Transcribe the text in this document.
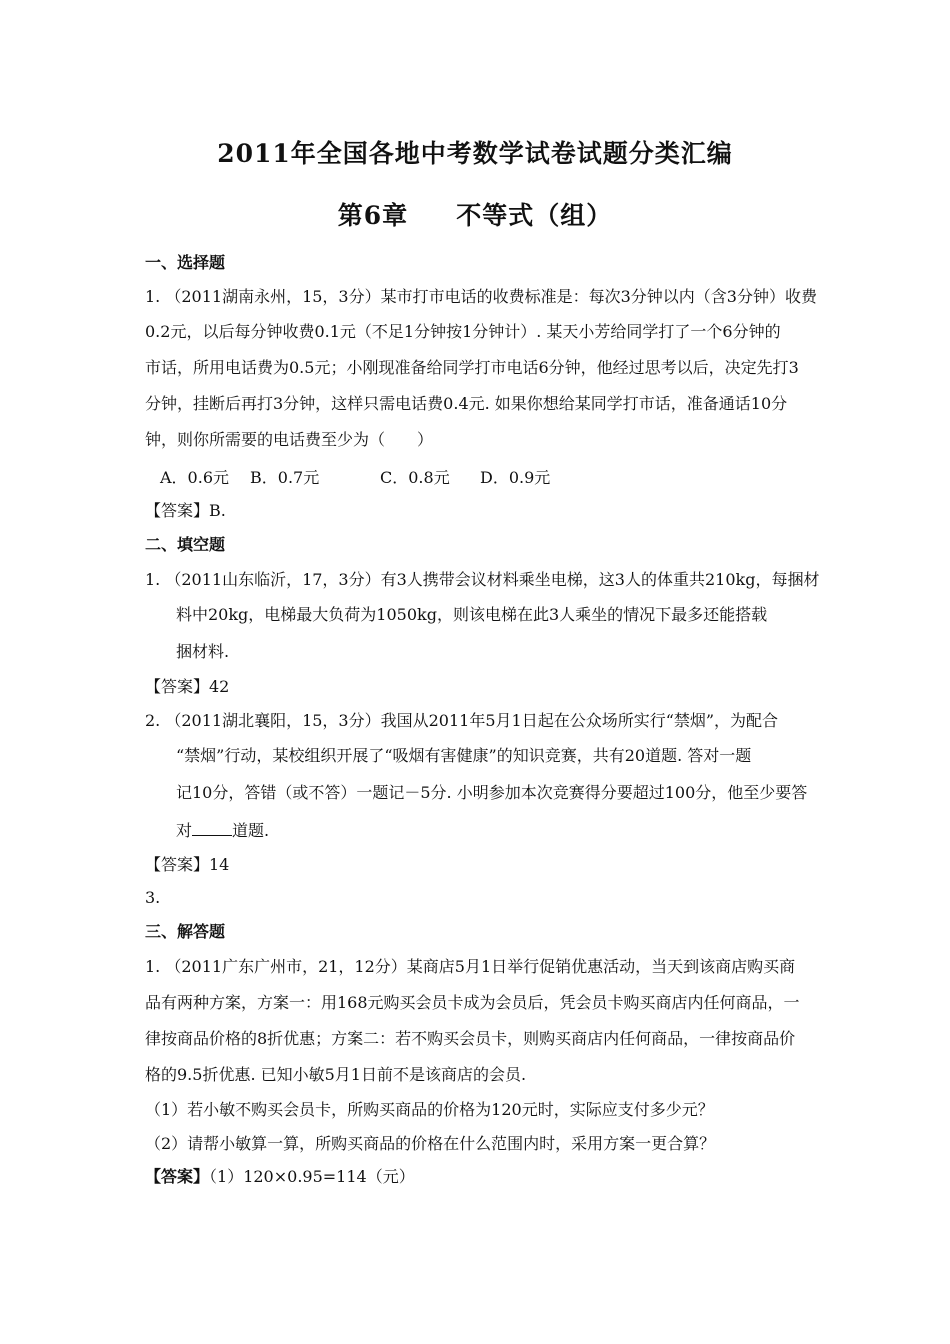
2011年全国各地中考数学试卷试题分类汇编
第6章 不等式（组）
一、选择题
1. （2011湖南永州，15，3分）某市打市电话的收费标准是：每次3分钟以内（含3分钟）收费
0.2元，以后每分钟收费0.1元（不足1分钟按1分钟计）. 某天小芳给同学打了一个6分钟的
市话，所用电话费为0.5元；小刚现准备给同学打市电话6分钟，他经过思考以后，决定先打3
分钟，挂断后再打3分钟，这样只需电话费0.4元. 如果你想给某同学打市话，准备通话10分
钟，则你所需要的电话费至少为（　　）
A．0.6元 B．0.7元	C．0.8元 D．0.9元
【答案】B.
二、填空题
1. （2011山东临沂，17，3分）有3人携带会议材料乘坐电梯，这3人的体重共210kg，每捆材
料中20kg，电梯最大负荷为1050kg，则该电梯在此3人乘坐的情况下最多还能搭载
捆材料.
【答案】42
2. （2011湖北襄阳，15，3分）我国从2011年5月1日起在公众场所实行“禁烟”，为配合
“禁烟”行动，某校组织开展了“吸烟有害健康”的知识竞赛，共有20道题. 答对一题
记10分，答错（或不答）一题记－5分. 小明参加本次竞赛得分要超过100分，他至少要答
对	道题.
【答案】14
3.
三、解答题
1. （2011广东广州市，21，12分）某商店5月1日举行促销优惠活动，当天到该商店购买商
品有两种方案，方案一：用168元购买会员卡成为会员后，凭会员卡购买商店内任何商品，一
律按商品价格的8折优惠；方案二：若不购买会员卡，则购买商店内任何商品，一律按商品价
格的9.5折优惠. 已知小敏5月1日前不是该商店的会员.
（1）若小敏不购买会员卡，所购买商品的价格为120元时，实际应支付多少元？
（2）请帮小敏算一算，所购买商品的价格在什么范围内时，采用方案一更合算？
【答案】（1）120×0.95=114（元）
